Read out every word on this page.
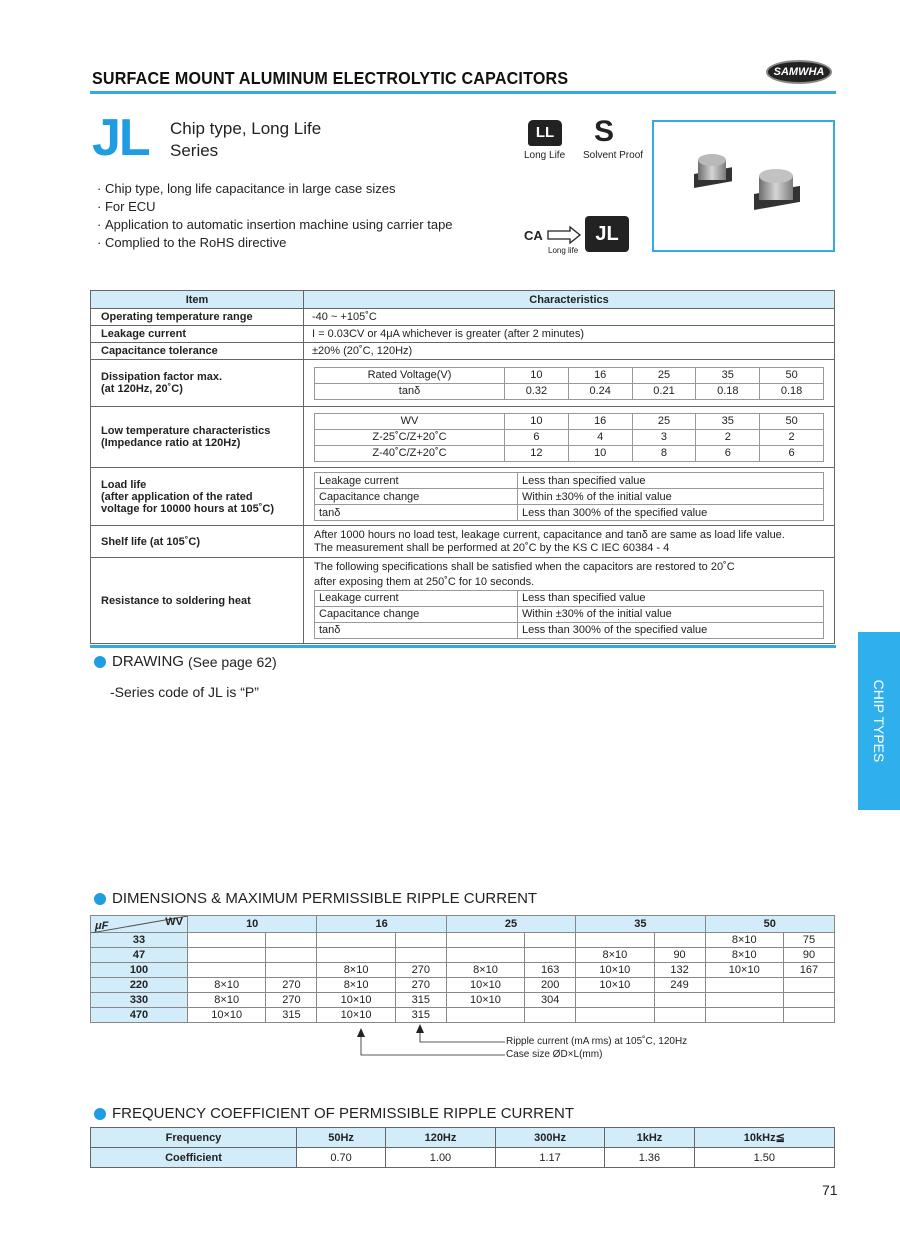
SURFACE MOUNT ALUMINUM ELECTROLYTIC CAPACITORS	SAMWHA
JL Chip type, Long Life
Series
· Chip type, long life capacitance in large case sizes
· For ECU
· Application to automatic insertion machine using carrier tape
· Complied to the RoHS directive
LL
Long Life
S
Solvent Proof
CA
Long life
JL
Item	Characteristics
Operating temperature range	-40 ~ +105˚C
Leakage current	I = 0.03CV or 4μA whichever is greater (after 2 minutes)
Capacitance tolerance	±20% (20˚C, 120Hz)

Dissipation factor max.
(at 120Hz, 20˚C)

Rated Voltage(V)	10	16	25	35	50
tanδ	0.32	0.24	0.21	0.18	0.18

Low temperature characteristics
(Impedance ratio at 120Hz)

WV	10	16	25	35	50
Z-25˚C/Z+20˚C	6	4	3	2	2
Z-40˚C/Z+20˚C	12	10	8	6	6

Load life
(after application of the rated
voltage for 10000 hours at 105˚C)

Leakage current	Less than specified value
Capacitance change	Within ±30% of the initial value
tanδ	Less than 300% of the specified value

Shelf life (at 105˚C)	
After 1000 hours no load test, leakage current, capacitance and tanδ are same as load life value.
The measurement shall be performed at 20˚C by the KS C IEC 60384 - 4

Resistance to soldering heat	
The following specifications shall be satisfied when the capacitors are restored to 20˚C
after exposing them at 250˚C for 10 seconds.
Leakage current	Less than specified value
Capacitance change	Within ±30% of the initial value
tanδ	Less than 300% of the specified value
CHIP TYPES
DRAWING (See page 62)
-Series code of JL is “P”
DIMENSIONS & MAXIMUM PERMISSIBLE RIPPLE CURRENT
μF WV	10		16		25		35		50	
33									8×10	75
47							8×10	90	8×10	90
100			8×10	270	8×10	163	10×10	132	10×10	167
220	8×10	270	8×10	270	10×10	200	10×10	249		
330	8×10	270	10×10	315	10×10	304				
470	10×10	315	10×10	315						
Ripple current (mA rms) at 105˚C, 120Hz
Case size ØD×L(mm)
FREQUENCY COEFFICIENT OF PERMISSIBLE RIPPLE CURRENT
Frequency	50Hz	120Hz	300Hz	1kHz	10kHz≦
Coefficient	0.70	1.00	1.17	1.36	1.50
71
